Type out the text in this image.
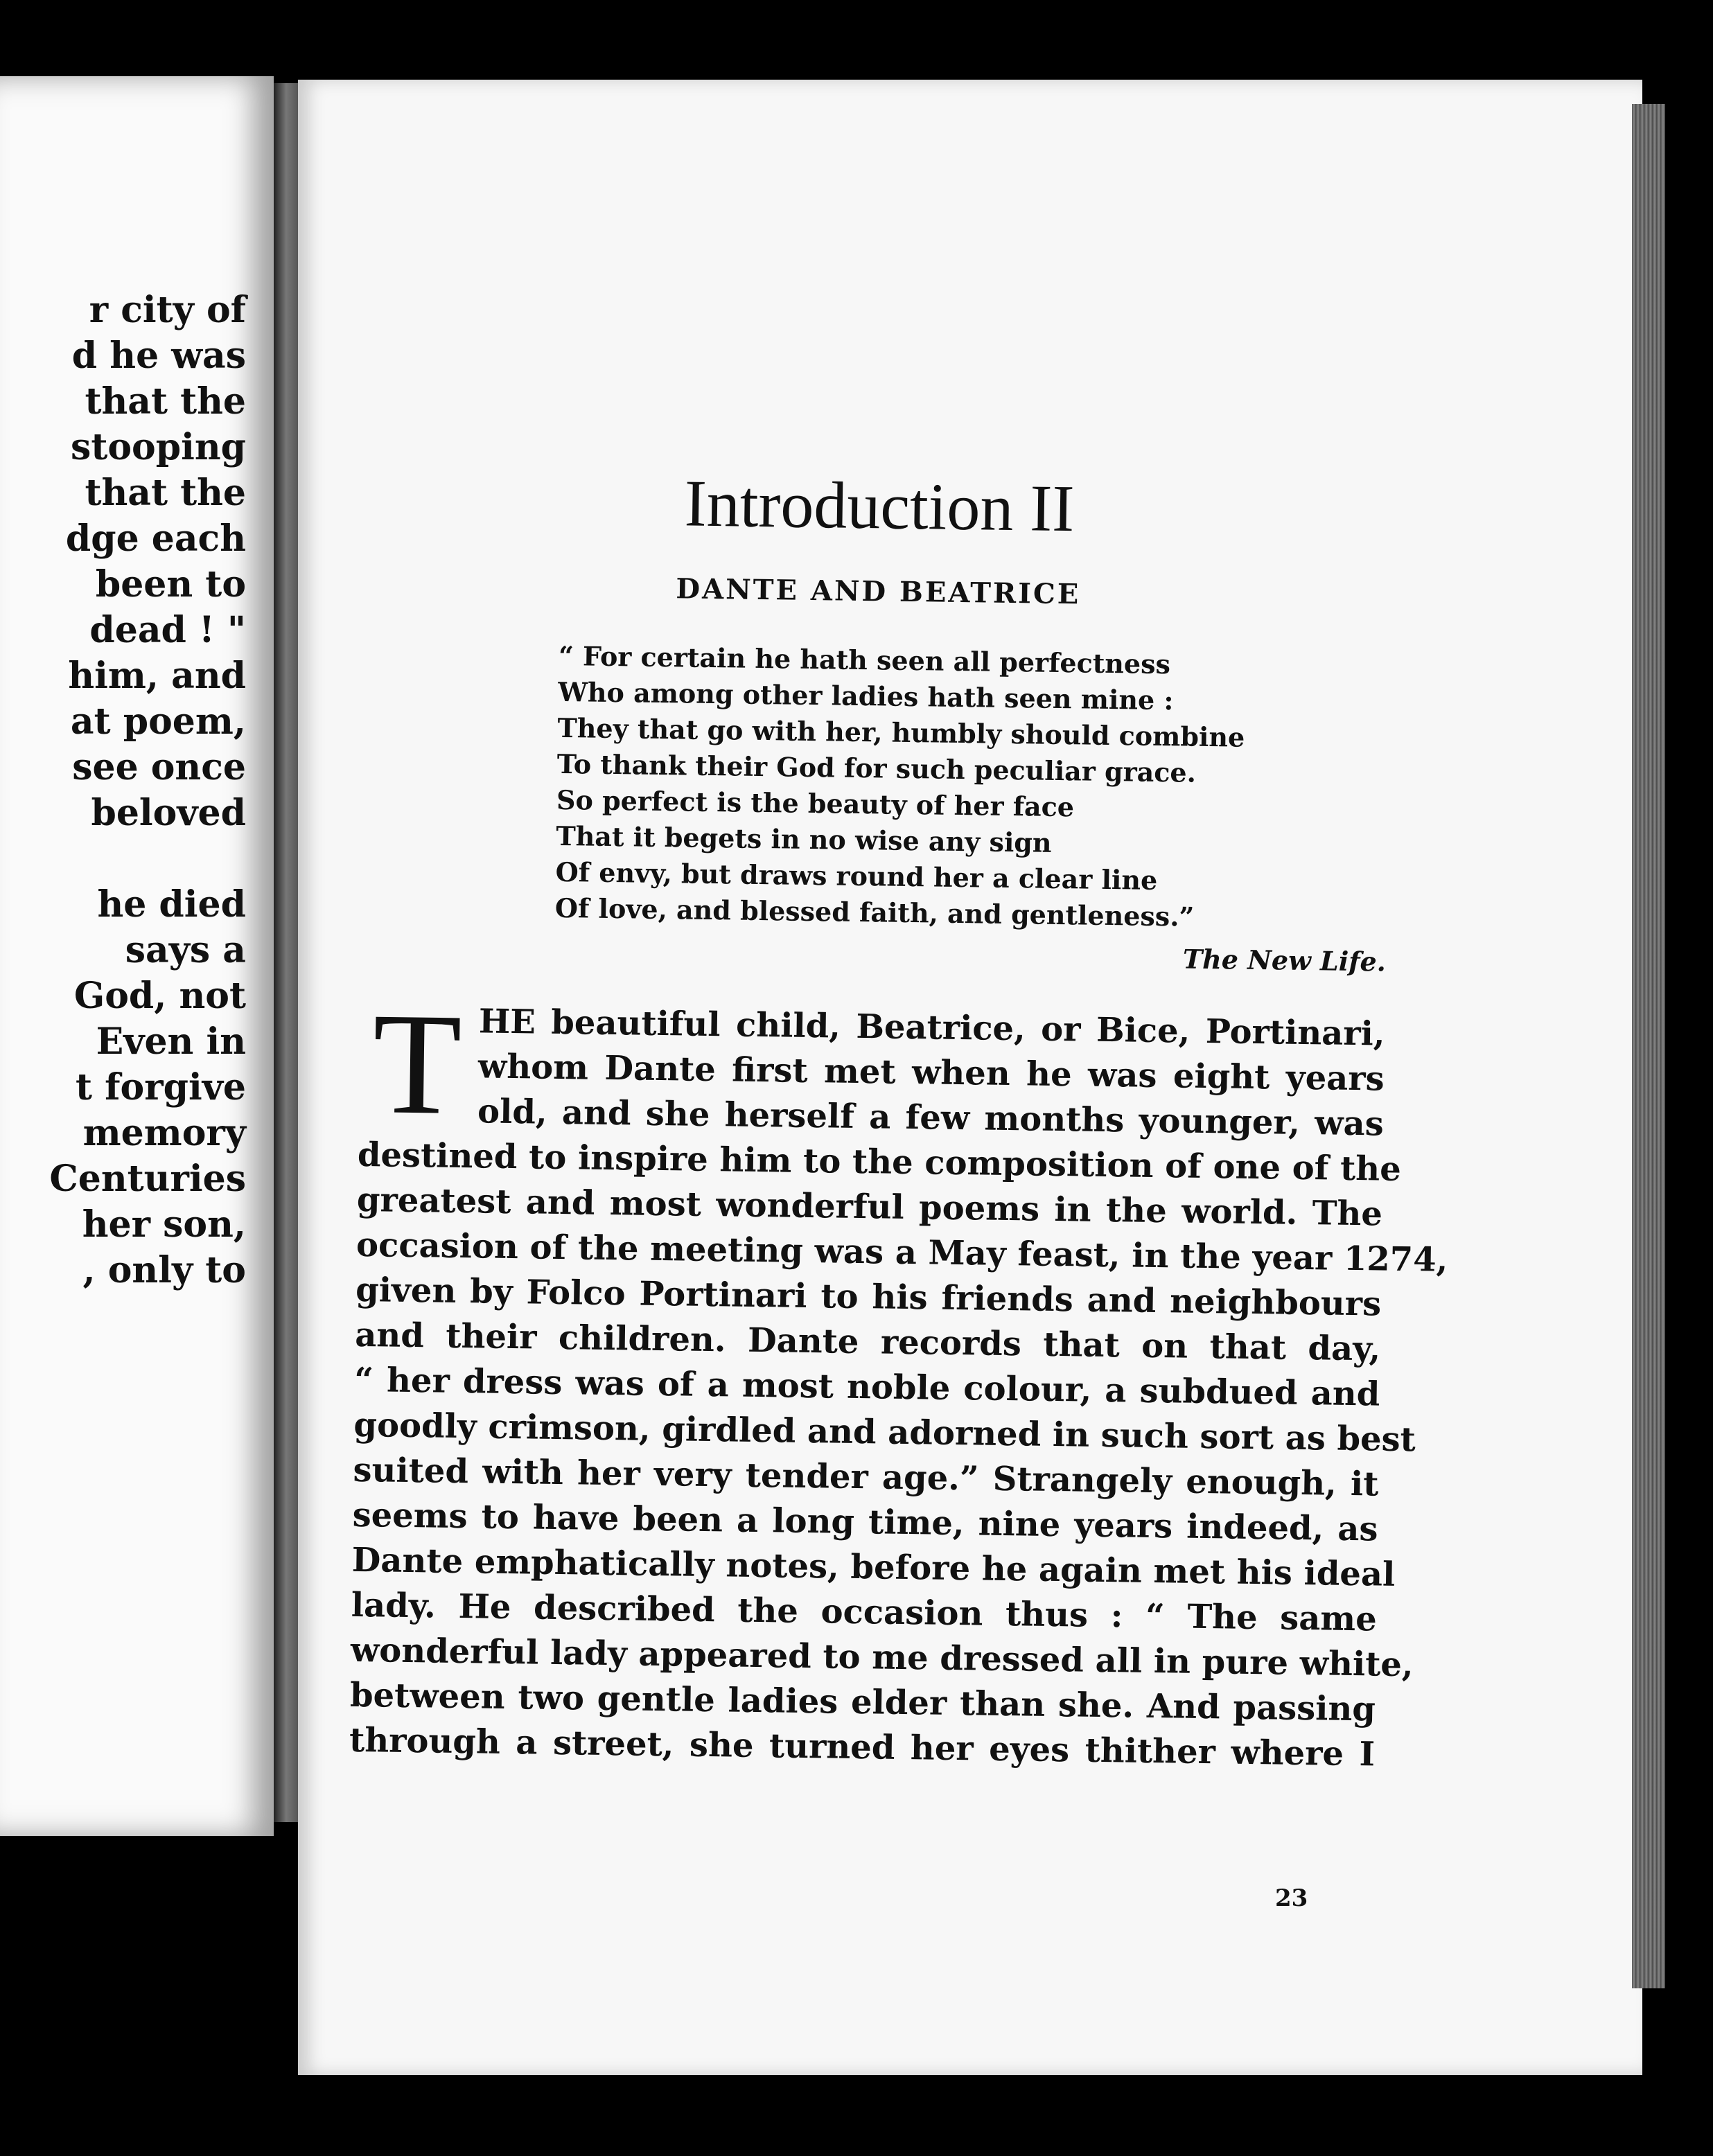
r city of
d he was
that the
stooping
that the
dge each
been to
dead ! "
him, and
at poem,
see once
beloved

he died
says a
God, not
Even in
t forgive
memory
Centuries
her son,
, only to
Introduction II
DANTE AND BEATRICE
“ For certain he hath seen all perfectness
Who among other ladies hath seen mine :
They that go with her, humbly should combine
To thank their God for such peculiar grace.
So perfect is the beauty of her face
That it begets in no wise any sign
Of envy, but draws round her a clear line
Of love, and blessed faith, and gentleness.”
The New Life.
T HE beautiful child, Beatrice, or Bice, Portinari,
whom Dante first met when he was eight years
old, and she herself a few months younger, was
destined to inspire him to the composition of one of the
greatest and most wonderful poems in the world. The
occasion of the meeting was a May feast, in the year 1274,
given by Folco Portinari to his friends and neighbours
and their children. Dante records that on that day,
“ her dress was of a most noble colour, a subdued and
goodly crimson, girdled and adorned in such sort as best
suited with her very tender age.” Strangely enough, it
seems to have been a long time, nine years indeed, as
Dante emphatically notes, before he again met his ideal
lady. He described the occasion thus : “ The same
wonderful lady appeared to me dressed all in pure white,
between two gentle ladies elder than she. And passing
through a street, she turned her eyes thither where I
23
